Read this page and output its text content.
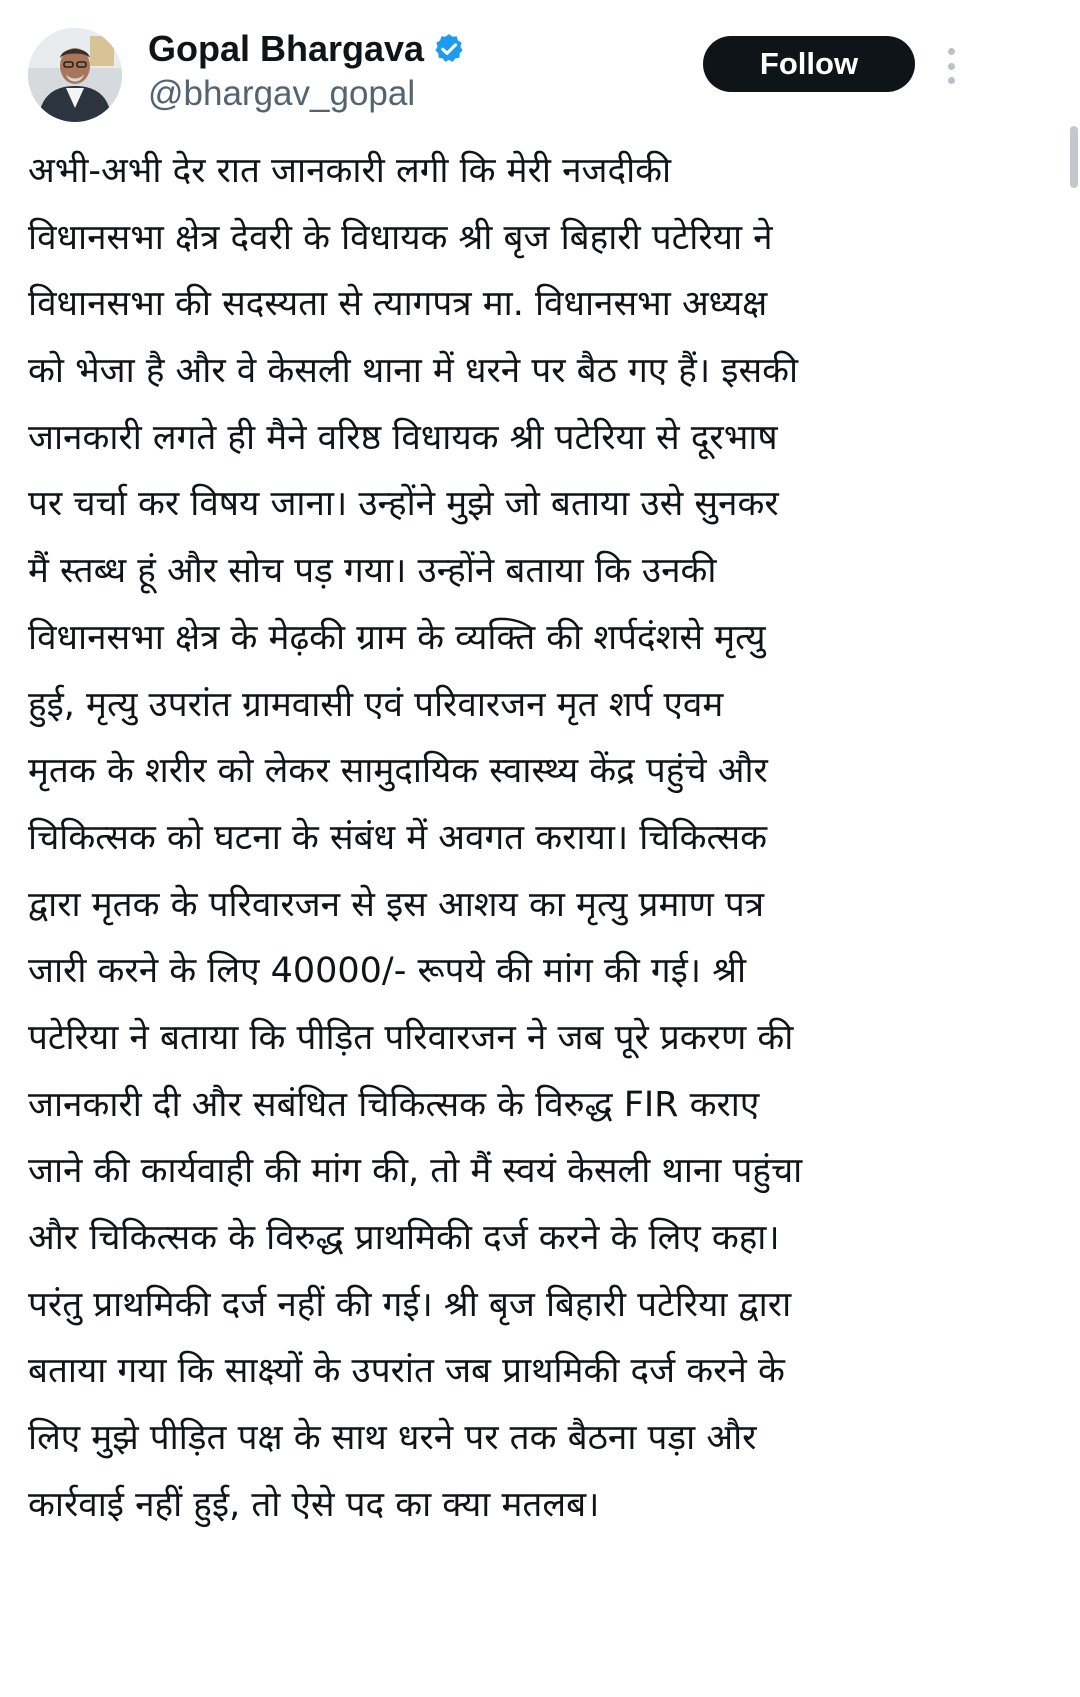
Gopal Bhargava
@bhargav_gopal
Follow
अभी-अभी देर रात जानकारी लगी कि मेरी नजदीकी
विधानसभा क्षेत्र देवरी के विधायक श्री बृज बिहारी पटेरिया ने
विधानसभा की सदस्यता से त्यागपत्र मा. विधानसभा अध्यक्ष
को भेजा है और वे केसली थाना में धरने पर बैठ गए हैं। इसकी
जानकारी लगते ही मैने वरिष्ठ विधायक श्री पटेरिया से दूरभाष
पर चर्चा कर विषय जाना। उन्होंने मुझे जो बताया उसे सुनकर
मैं स्तब्ध हूं और सोच पड़ गया। उन्होंने बताया कि उनकी
विधानसभा क्षेत्र के मेढ़की ग्राम के व्यक्ति की शर्पदंशसे मृत्यु
हुई, मृत्यु उपरांत ग्रामवासी एवं परिवारजन मृत शर्प एवम
मृतक के शरीर को लेकर सामुदायिक स्वास्थ्य केंद्र पहुंचे और
चिकित्सक को घटना के संबंध में अवगत कराया। चिकित्सक
द्वारा मृतक के परिवारजन से इस आशय का मृत्यु प्रमाण पत्र
जारी करने के लिए 40000/- रूपये की मांग की गई। श्री
पटेरिया ने बताया कि पीड़ित परिवारजन ने जब पूरे प्रकरण की
जानकारी दी और सबंधित चिकित्सक के विरुद्ध FIR कराए
जाने की कार्यवाही की मांग की, तो मैं स्वयं केसली थाना पहुंचा
और चिकित्सक के विरुद्ध प्राथमिकी दर्ज करने के लिए कहा।
परंतु प्राथमिकी दर्ज नहीं की गई। श्री बृज बिहारी पटेरिया द्वारा
बताया गया कि साक्ष्यों के उपरांत जब प्राथमिकी दर्ज करने के
लिए मुझे पीड़ित पक्ष के साथ धरने पर तक बैठना पड़ा और
कार्रवाई नहीं हुई, तो ऐसे पद का क्या मतलब।
